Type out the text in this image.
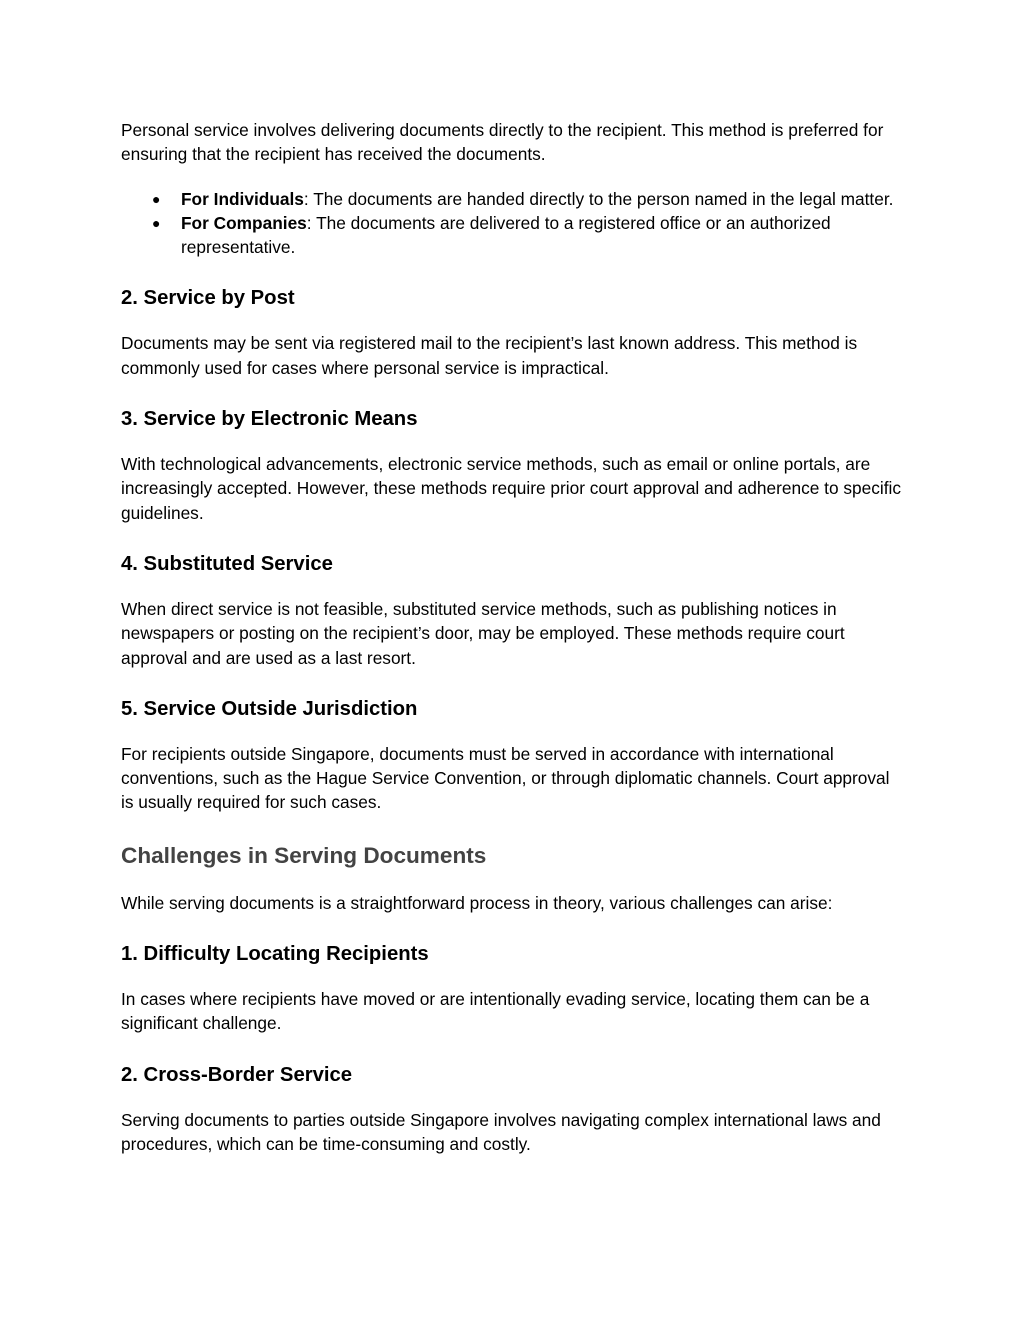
Personal service involves delivering documents directly to the recipient. This method is preferred for ensuring that the recipient has received the documents.

● For Individuals: The documents are handed directly to the person named in the legal matter.
● For Companies: The documents are delivered to a registered office or an authorized representative.
2. Service by Post

Documents may be sent via registered mail to the recipient’s last known address. This method is commonly used for cases where personal service is impractical.

3. Service by Electronic Means

With technological advancements, electronic service methods, such as email or online portals, are increasingly accepted. However, these methods require prior court approval and adherence to specific guidelines.

4. Substituted Service

When direct service is not feasible, substituted service methods, such as publishing notices in newspapers or posting on the recipient’s door, may be employed. These methods require court approval and are used as a last resort.

5. Service Outside Jurisdiction

For recipients outside Singapore, documents must be served in accordance with international conventions, such as the Hague Service Convention, or through diplomatic channels. Court approval is usually required for such cases.

Challenges in Serving Documents

While serving documents is a straightforward process in theory, various challenges can arise:

1. Difficulty Locating Recipients

In cases where recipients have moved or are intentionally evading service, locating them can be a significant challenge.

2. Cross-Border Service

Serving documents to parties outside Singapore involves navigating complex international laws and procedures, which can be time-consuming and costly.
